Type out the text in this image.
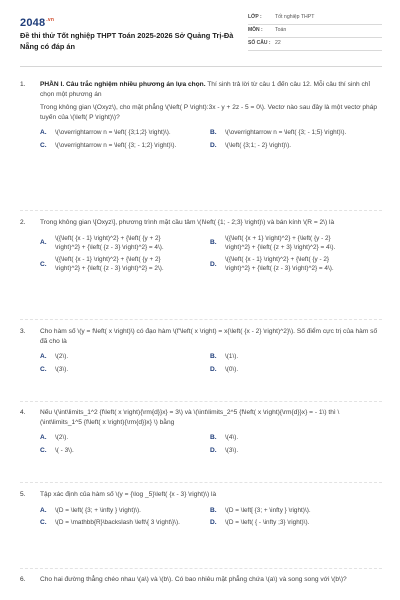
$2048^{.vn}$
Đề thi thử Tốt nghiệp THPT Toán 2025-2026 Sở Quảng Trị-Đà Nẵng có đáp án
LỚP :	Tốt nghiệp THPT
MÔN :	Toán
SỐ CÂU : 22
1.	PHẦN I. Câu trắc nghiệm nhiều phương án lựa chọn. Thí sinh trả lời từ câu 1 đến câu 12. Mỗi câu thí sinh chỉ chọn một phương án
Trong không gian \(Oxyz\), cho mặt phẳng \(\left( P \right):3x - y + 2z - 5 = 0\). Vectơ nào sau đây là một vectơ pháp tuyến của \(\left( P \right)\)?
A.	\(\overrightarrow n = \left( {3;1;2} \right)\).	B.	\(\overrightarrow n = \left( {3; - 1;5} \right)\).
C.	\(\overrightarrow n = \left( {3; - 1;2} \right)\).	D.	\(\left( {3;1; - 2} \right)\).
2.	Trong không gian \[Oxyz\], phương trình mặt cầu tâm \(I\left( {1; - 2;3} \right)\) và bán kính \(R = 2\) là
A.
\({\left( {x - 1} \right)^2} + {\left( {y + 2} \right)^2} + {\left( {z - 3} \right)^2} = 4\).
B.
\({\left( {x + 1} \right)^2} + {\left( {y - 2} \right)^2} + {\left( {z + 3} \right)^2} = 4\).
C.
\({\left( {x - 1} \right)^2} + {\left( {y + 2} \right)^2} + {\left( {z - 3} \right)^2} = 2\).
D.
\({\left( {x - 1} \right)^2} + {\left( {y - 2} \right)^2} + {\left( {z - 3} \right)^2} = 4\).
3.	Cho hàm số \(y = f\left( x \right)\) có đạo hàm \(f'\left( x \right) = x{\left( {x - 2} \right)^2}\). Số điểm cực trị của hàm số đã cho là
A.	\(2\).	B.	\(1\).
C.	\(3\).	D.	\(0\).
4.	Nếu \(\int\limits_1^2 {f\left( x \right){\rm{d}}x} = 3\) và \(\int\limits_2^5 {f\left( x \right){\rm{d}}x} = - 1\) thì \(\int\limits_1^5 {f\left( x \right){\rm{d}}x} \) bằng
A.	\(2\).	B.	\(4\).
C.	\( - 3\).	D.	\(3\).
5.	Tập xác định của hàm số \(y = {\log _5}\left( {x - 3} \right)\) là
A.	\(D = \left( {3; + \infty } \right)\).	B.	\(D = \left[ {3; + \infty } \right)\).
C.	\(D = \mathbb{R}\backslash \left\{ 3 \right\}\).	D.	\(D = \left( { - \infty ;3} \right)\).
6.	Cho hai đường thẳng chéo nhau \(a\) và \(b\). Có bao nhiêu mặt phẳng chứa \(a\) và song song với \(b\)?
